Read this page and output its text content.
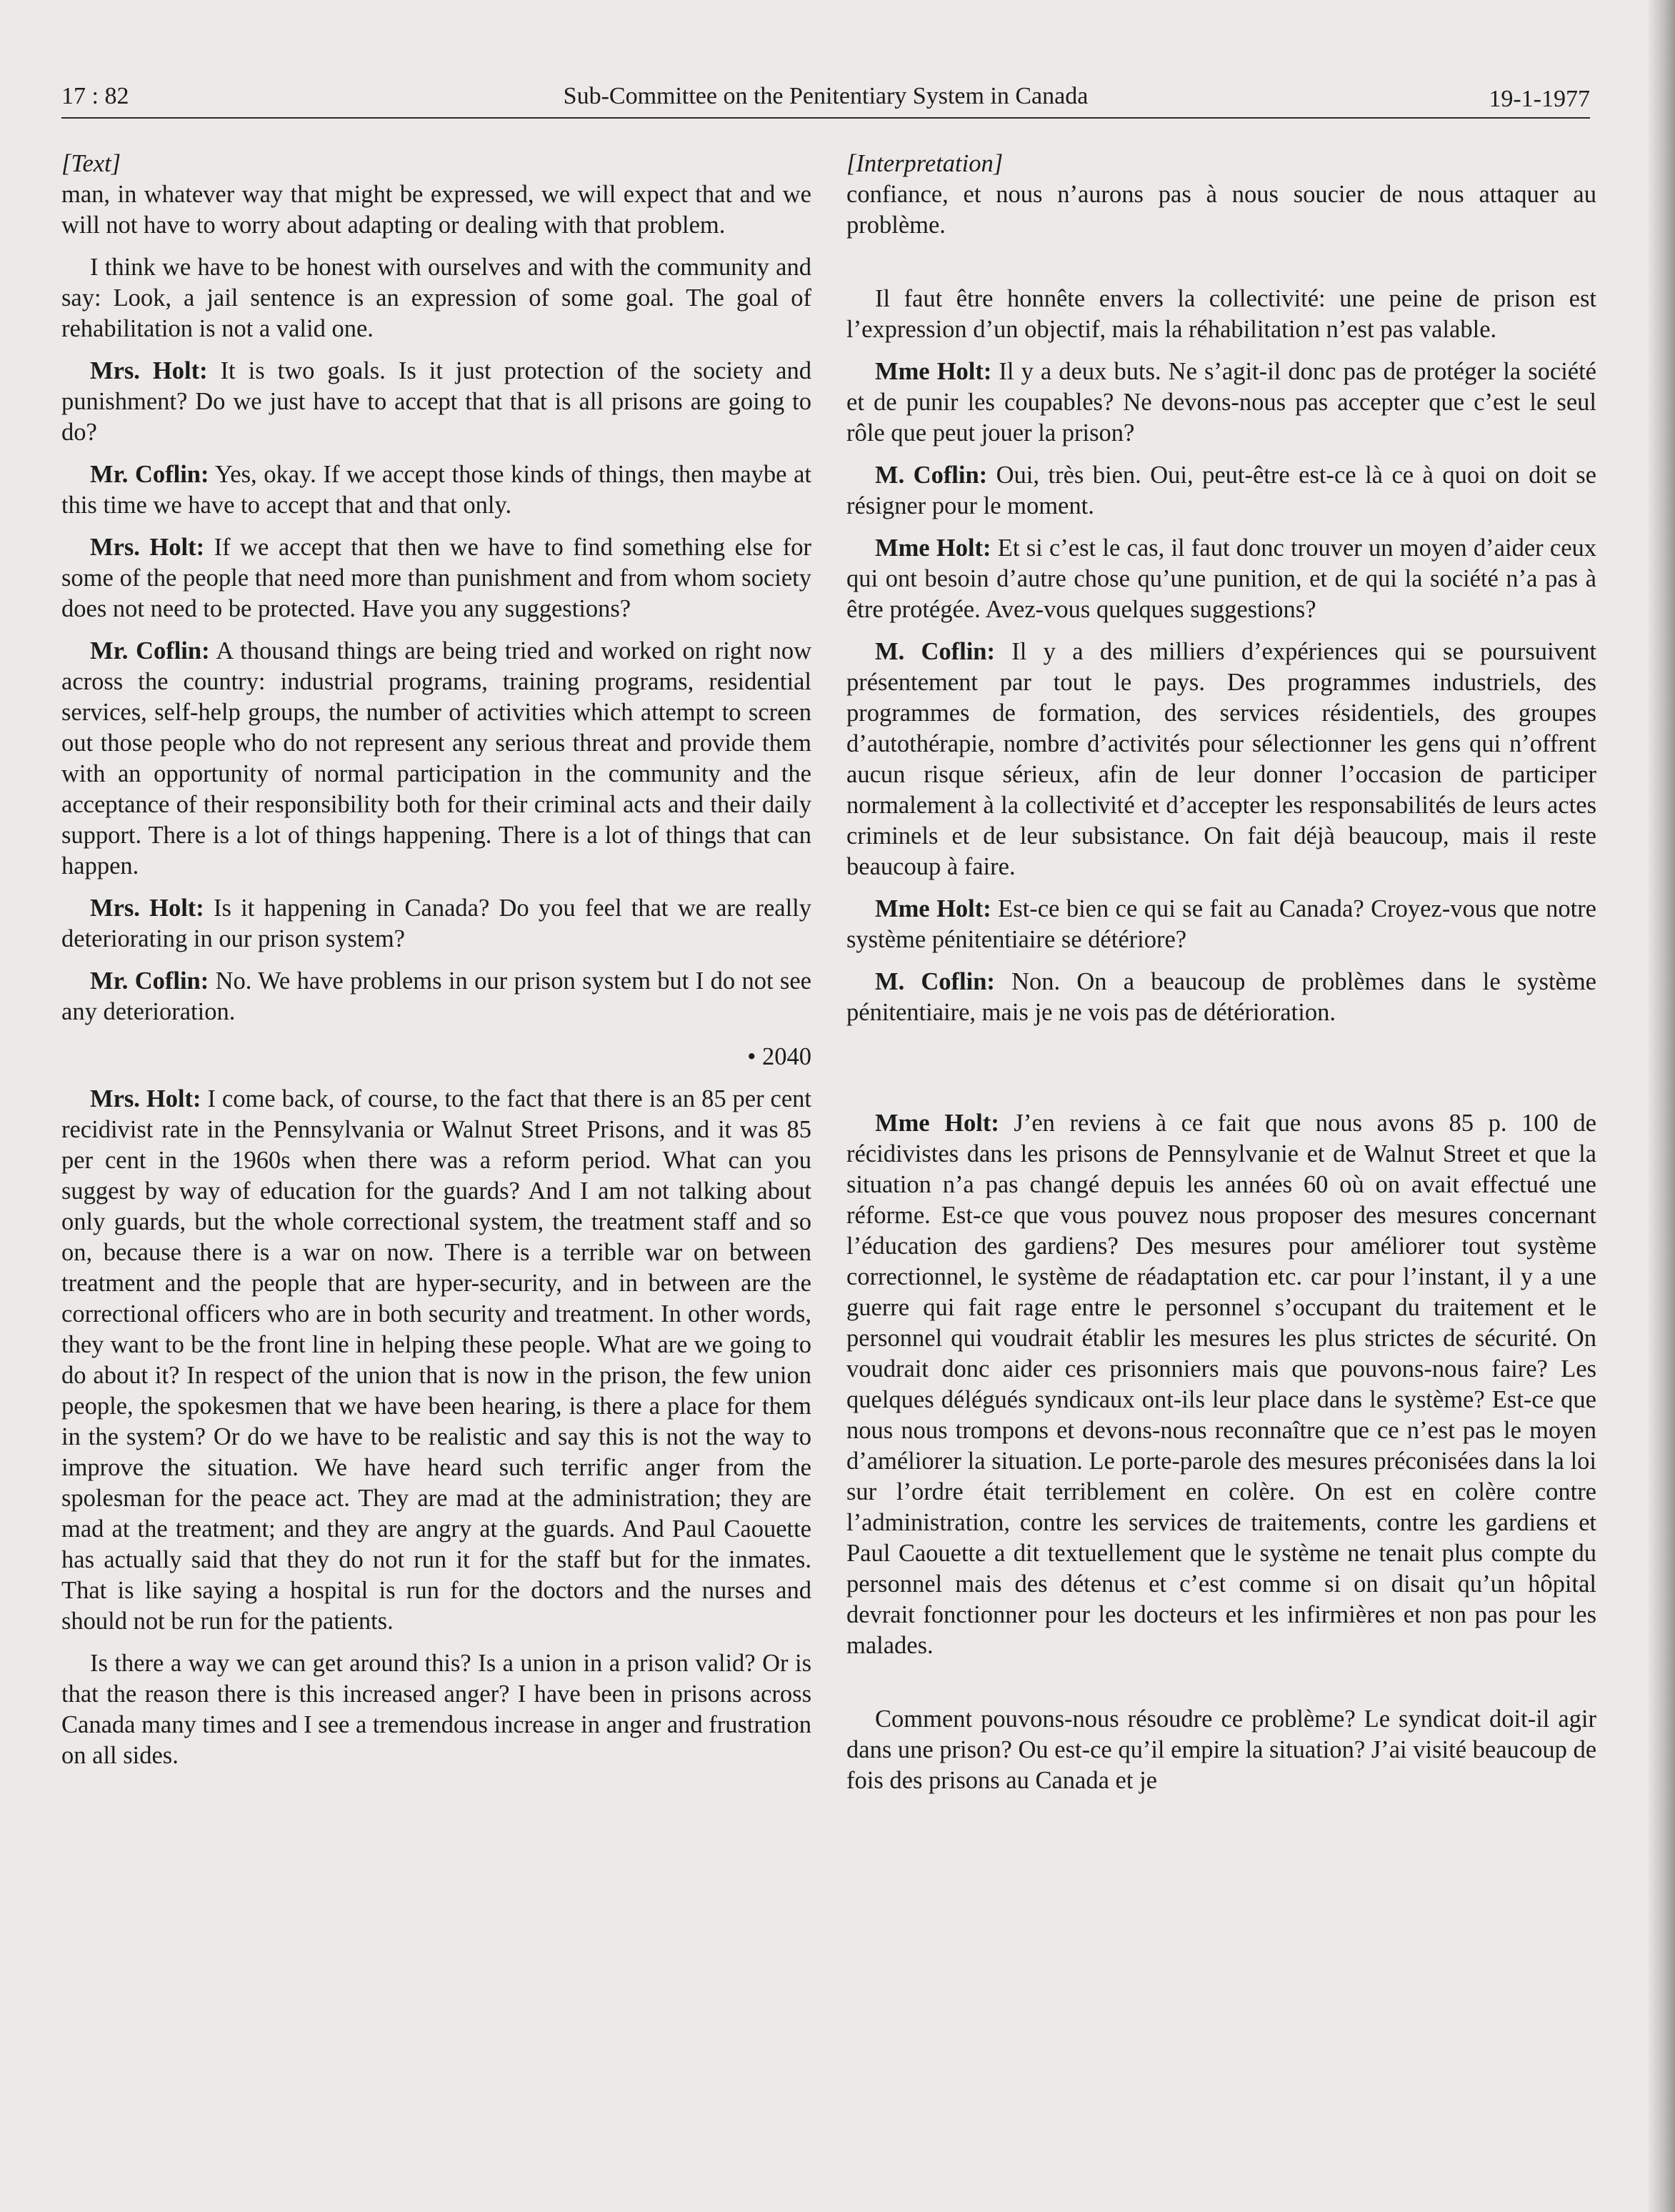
17 : 82	Sub-Committee on the Penitentiary System in Canada	19-1-1977

[Text]

man, in whatever way that might be expressed, we will expect that and we will not have to worry about adapting or dealing with that problem.

I think we have to be honest with ourselves and with the community and say: Look, a jail sentence is an expression of some goal. The goal of rehabilitation is not a valid one.

Mrs. Holt: It is two goals. Is it just protection of the society and punishment? Do we just have to accept that that is all prisons are going to do?

Mr. Coflin: Yes, okay. If we accept those kinds of things, then maybe at this time we have to accept that and that only.

Mrs. Holt: If we accept that then we have to find something else for some of the people that need more than punishment and from whom society does not need to be protected. Have you any suggestions?

Mr. Coflin: A thousand things are being tried and worked on right now across the country: industrial programs, training programs, residential services, self-help groups, the number of activities which attempt to screen out those people who do not represent any serious threat and provide them with an opportunity of normal participation in the community and the acceptance of their responsibility both for their criminal acts and their daily support. There is a lot of things happening. There is a lot of things that can happen.

Mrs. Holt: Is it happening in Canada? Do you feel that we are really deteriorating in our prison system?

Mr. Coflin: No. We have problems in our prison system but I do not see any deterioration.

• 2040

Mrs. Holt: I come back, of course, to the fact that there is an 85 per cent recidivist rate in the Pennsylvania or Walnut Street Prisons, and it was 85 per cent in the 1960s when there was a reform period. What can you suggest by way of education for the guards? And I am not talking about only guards, but the whole correctional system, the treatment staff and so on, because there is a war on now. There is a terrible war on between treatment and the people that are hyper-security, and in between are the correctional officers who are in both security and treatment. In other words, they want to be the front line in helping these people. What are we going to do about it? In respect of the union that is now in the prison, the few union people, the spokesmen that we have been hearing, is there a place for them in the system? Or do we have to be realistic and say this is not the way to improve the situation. We have heard such terrific anger from the spolesman for the peace act. They are mad at the administration; they are mad at the treatment; and they are angry at the guards. And Paul Caouette has actually said that they do not run it for the staff but for the inmates. That is like saying a hospital is run for the doctors and the nurses and should not be run for the patients.

Is there a way we can get around this? Is a union in a prison valid? Or is that the reason there is this increased anger? I have been in prisons across Canada many times and I see a tremendous increase in anger and frustration on all sides.

[Interpretation]

confiance, et nous n’aurons pas à nous soucier de nous attaquer au problème.

Il faut être honnête envers la collectivité: une peine de prison est l’expression d’un objectif, mais la réhabilitation n’est pas valable.

Mme Holt: Il y a deux buts. Ne s’agit-il donc pas de protéger la société et de punir les coupables? Ne devons-nous pas accepter que c’est le seul rôle que peut jouer la prison?

M. Coflin: Oui, très bien. Oui, peut-être est-ce là ce à quoi on doit se résigner pour le moment.

Mme Holt: Et si c’est le cas, il faut donc trouver un moyen d’aider ceux qui ont besoin d’autre chose qu’une punition, et de qui la société n’a pas à être protégée. Avez-vous quelques suggestions?

M. Coflin: Il y a des milliers d’expériences qui se poursuivent présentement par tout le pays. Des programmes industriels, des programmes de formation, des services résidentiels, des groupes d’autothérapie, nombre d’activités pour sélectionner les gens qui n’offrent aucun risque sérieux, afin de leur donner l’occasion de participer normalement à la collectivité et d’accepter les responsabilités de leurs actes criminels et de leur subsistance. On fait déjà beaucoup, mais il reste beaucoup à faire.

Mme Holt: Est-ce bien ce qui se fait au Canada? Croyez-vous que notre système pénitentiaire se détériore?

M. Coflin: Non. On a beaucoup de problèmes dans le système pénitentiaire, mais je ne vois pas de détérioration.

Mme Holt: J’en reviens à ce fait que nous avons 85 p. 100 de récidivistes dans les prisons de Pennsylvanie et de Walnut Street et que la situation n’a pas changé depuis les années 60 où on avait effectué une réforme. Est-ce que vous pouvez nous proposer des mesures concernant l’éducation des gardiens? Des mesures pour améliorer tout système correctionnel, le système de réadaptation etc. car pour l’instant, il y a une guerre qui fait rage entre le personnel s’occupant du traitement et le personnel qui voudrait établir les mesures les plus strictes de sécurité. On voudrait donc aider ces prisonniers mais que pouvons-nous faire? Les quelques délégués syndicaux ont-ils leur place dans le système? Est-ce que nous nous trompons et devons-nous reconnaître que ce n’est pas le moyen d’améliorer la situation. Le porte-parole des mesures préconisées dans la loi sur l’ordre était terriblement en colère. On est en colère contre l’administration, contre les services de traitements, contre les gardiens et Paul Caouette a dit textuellement que le système ne tenait plus compte du personnel mais des détenus et c’est comme si on disait qu’un hôpital devrait fonctionner pour les docteurs et les infirmières et non pas pour les malades.

Comment pouvons-nous résoudre ce problème? Le syndicat doit-il agir dans une prison? Ou est-ce qu’il empire la situation? J’ai visité beaucoup de fois des prisons au Canada et je
